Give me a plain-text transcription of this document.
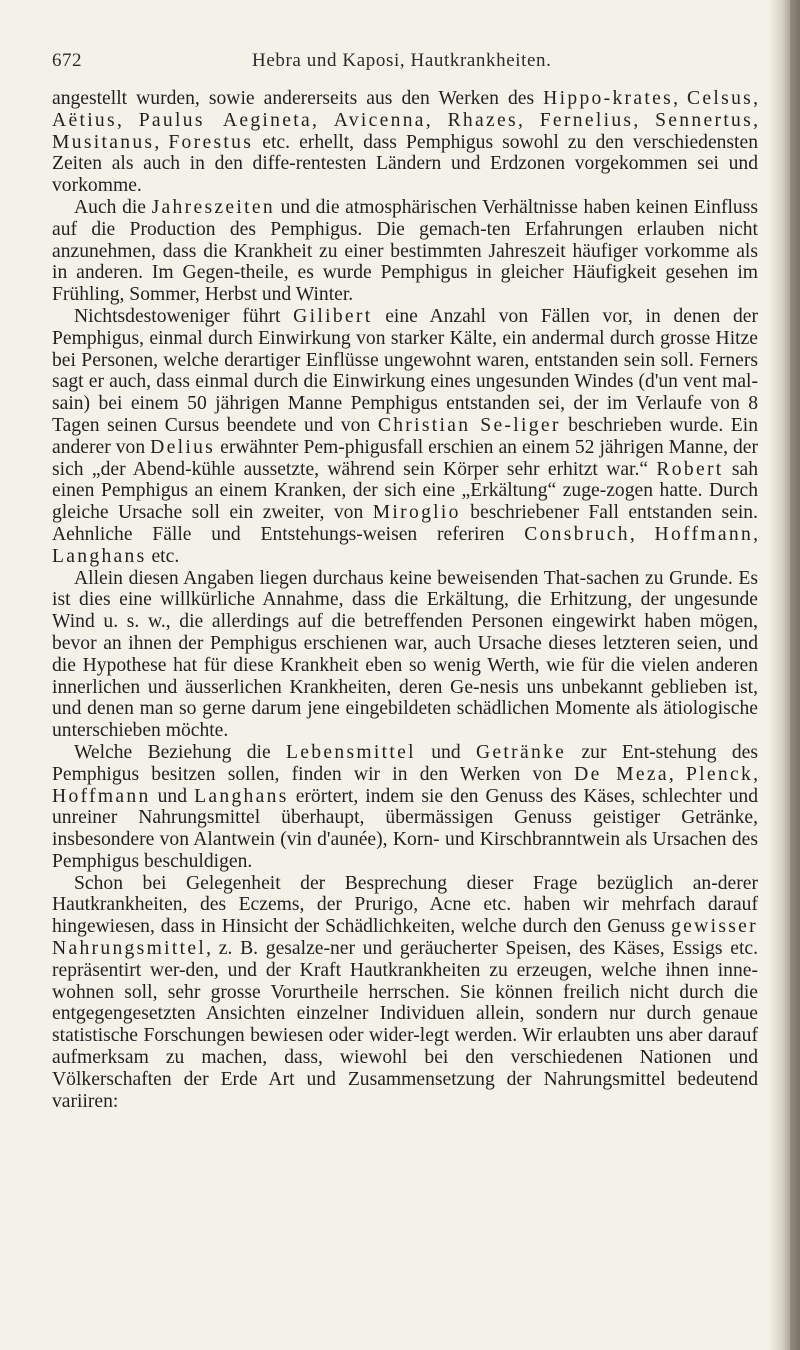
672	Hebra und Kaposi, Hautkrankheiten.

angestellt wurden, sowie andererseits aus den Werken des Hippo-krates, Celsus, Aëtius, Paulus Aegineta, Avicenna, Rhazes, Fernelius, Sennertus, Musitanus, Forestus etc. erhellt, dass Pemphigus sowohl zu den verschiedensten Zeiten als auch in den diffe-rentesten Ländern und Erdzonen vorgekommen sei und vorkomme.

Auch die Jahreszeiten und die atmosphärischen Verhältnisse haben keinen Einfluss auf die Production des Pemphigus. Die gemach-ten Erfahrungen erlauben nicht anzunehmen, dass die Krankheit zu einer bestimmten Jahreszeit häufiger vorkomme als in anderen. Im Gegen-theile, es wurde Pemphigus in gleicher Häufigkeit gesehen im Frühling, Sommer, Herbst und Winter.

Nichtsdestoweniger führt Gilibert eine Anzahl von Fällen vor, in denen der Pemphigus, einmal durch Einwirkung von starker Kälte, ein andermal durch grosse Hitze bei Personen, welche derartiger Einflüsse ungewohnt waren, entstanden sein soll. Ferners sagt er auch, dass einmal durch die Einwirkung eines ungesunden Windes (d'un vent mal-sain) bei einem 50 jährigen Manne Pemphigus entstanden sei, der im Verlaufe von 8 Tagen seinen Cursus beendete und von Christian Se-liger beschrieben wurde. Ein anderer von Delius erwähnter Pem-phigusfall erschien an einem 52 jährigen Manne, der sich „der Abend-kühle aussetzte, während sein Körper sehr erhitzt war.“ Robert sah einen Pemphigus an einem Kranken, der sich eine „Erkältung“ zuge-zogen hatte. Durch gleiche Ursache soll ein zweiter, von Miroglio beschriebener Fall entstanden sein. Aehnliche Fälle und Entstehungs-weisen referiren Consbruch, Hoffmann, Langhans etc.

Allein diesen Angaben liegen durchaus keine beweisenden That-sachen zu Grunde. Es ist dies eine willkürliche Annahme, dass die Erkältung, die Erhitzung, der ungesunde Wind u. s. w., die allerdings auf die betreffenden Personen eingewirkt haben mögen, bevor an ihnen der Pemphigus erschienen war, auch Ursache dieses letzteren seien, und die Hypothese hat für diese Krankheit eben so wenig Werth, wie für die vielen anderen innerlichen und äusserlichen Krankheiten, deren Ge-nesis uns unbekannt geblieben ist, und denen man so gerne darum jene eingebildeten schädlichen Momente als ätiologische unterschieben möchte.

Welche Beziehung die Lebensmittel und Getränke zur Ent-stehung des Pemphigus besitzen sollen, finden wir in den Werken von De Meza, Plenck, Hoffmann und Langhans erörtert, indem sie den Genuss des Käses, schlechter und unreiner Nahrungsmittel überhaupt, übermässigen Genuss geistiger Getränke, insbesondere von Alantwein (vin d'aunée), Korn- und Kirschbranntwein als Ursachen des Pemphigus beschuldigen.

Schon bei Gelegenheit der Besprechung dieser Frage bezüglich an-derer Hautkrankheiten, des Eczems, der Prurigo, Acne etc. haben wir mehrfach darauf hingewiesen, dass in Hinsicht der Schädlichkeiten, welche durch den Genuss gewisser Nahrungsmittel, z. B. gesalze-ner und geräucherter Speisen, des Käses, Essigs etc. repräsentirt wer-den, und der Kraft Hautkrankheiten zu erzeugen, welche ihnen inne-wohnen soll, sehr grosse Vorurtheile herrschen. Sie können freilich nicht durch die entgegengesetzten Ansichten einzelner Individuen allein, sondern nur durch genaue statistische Forschungen bewiesen oder wider-legt werden. Wir erlaubten uns aber darauf aufmerksam zu machen, dass, wiewohl bei den verschiedenen Nationen und Völkerschaften der Erde Art und Zusammensetzung der Nahrungsmittel bedeutend variiren:
